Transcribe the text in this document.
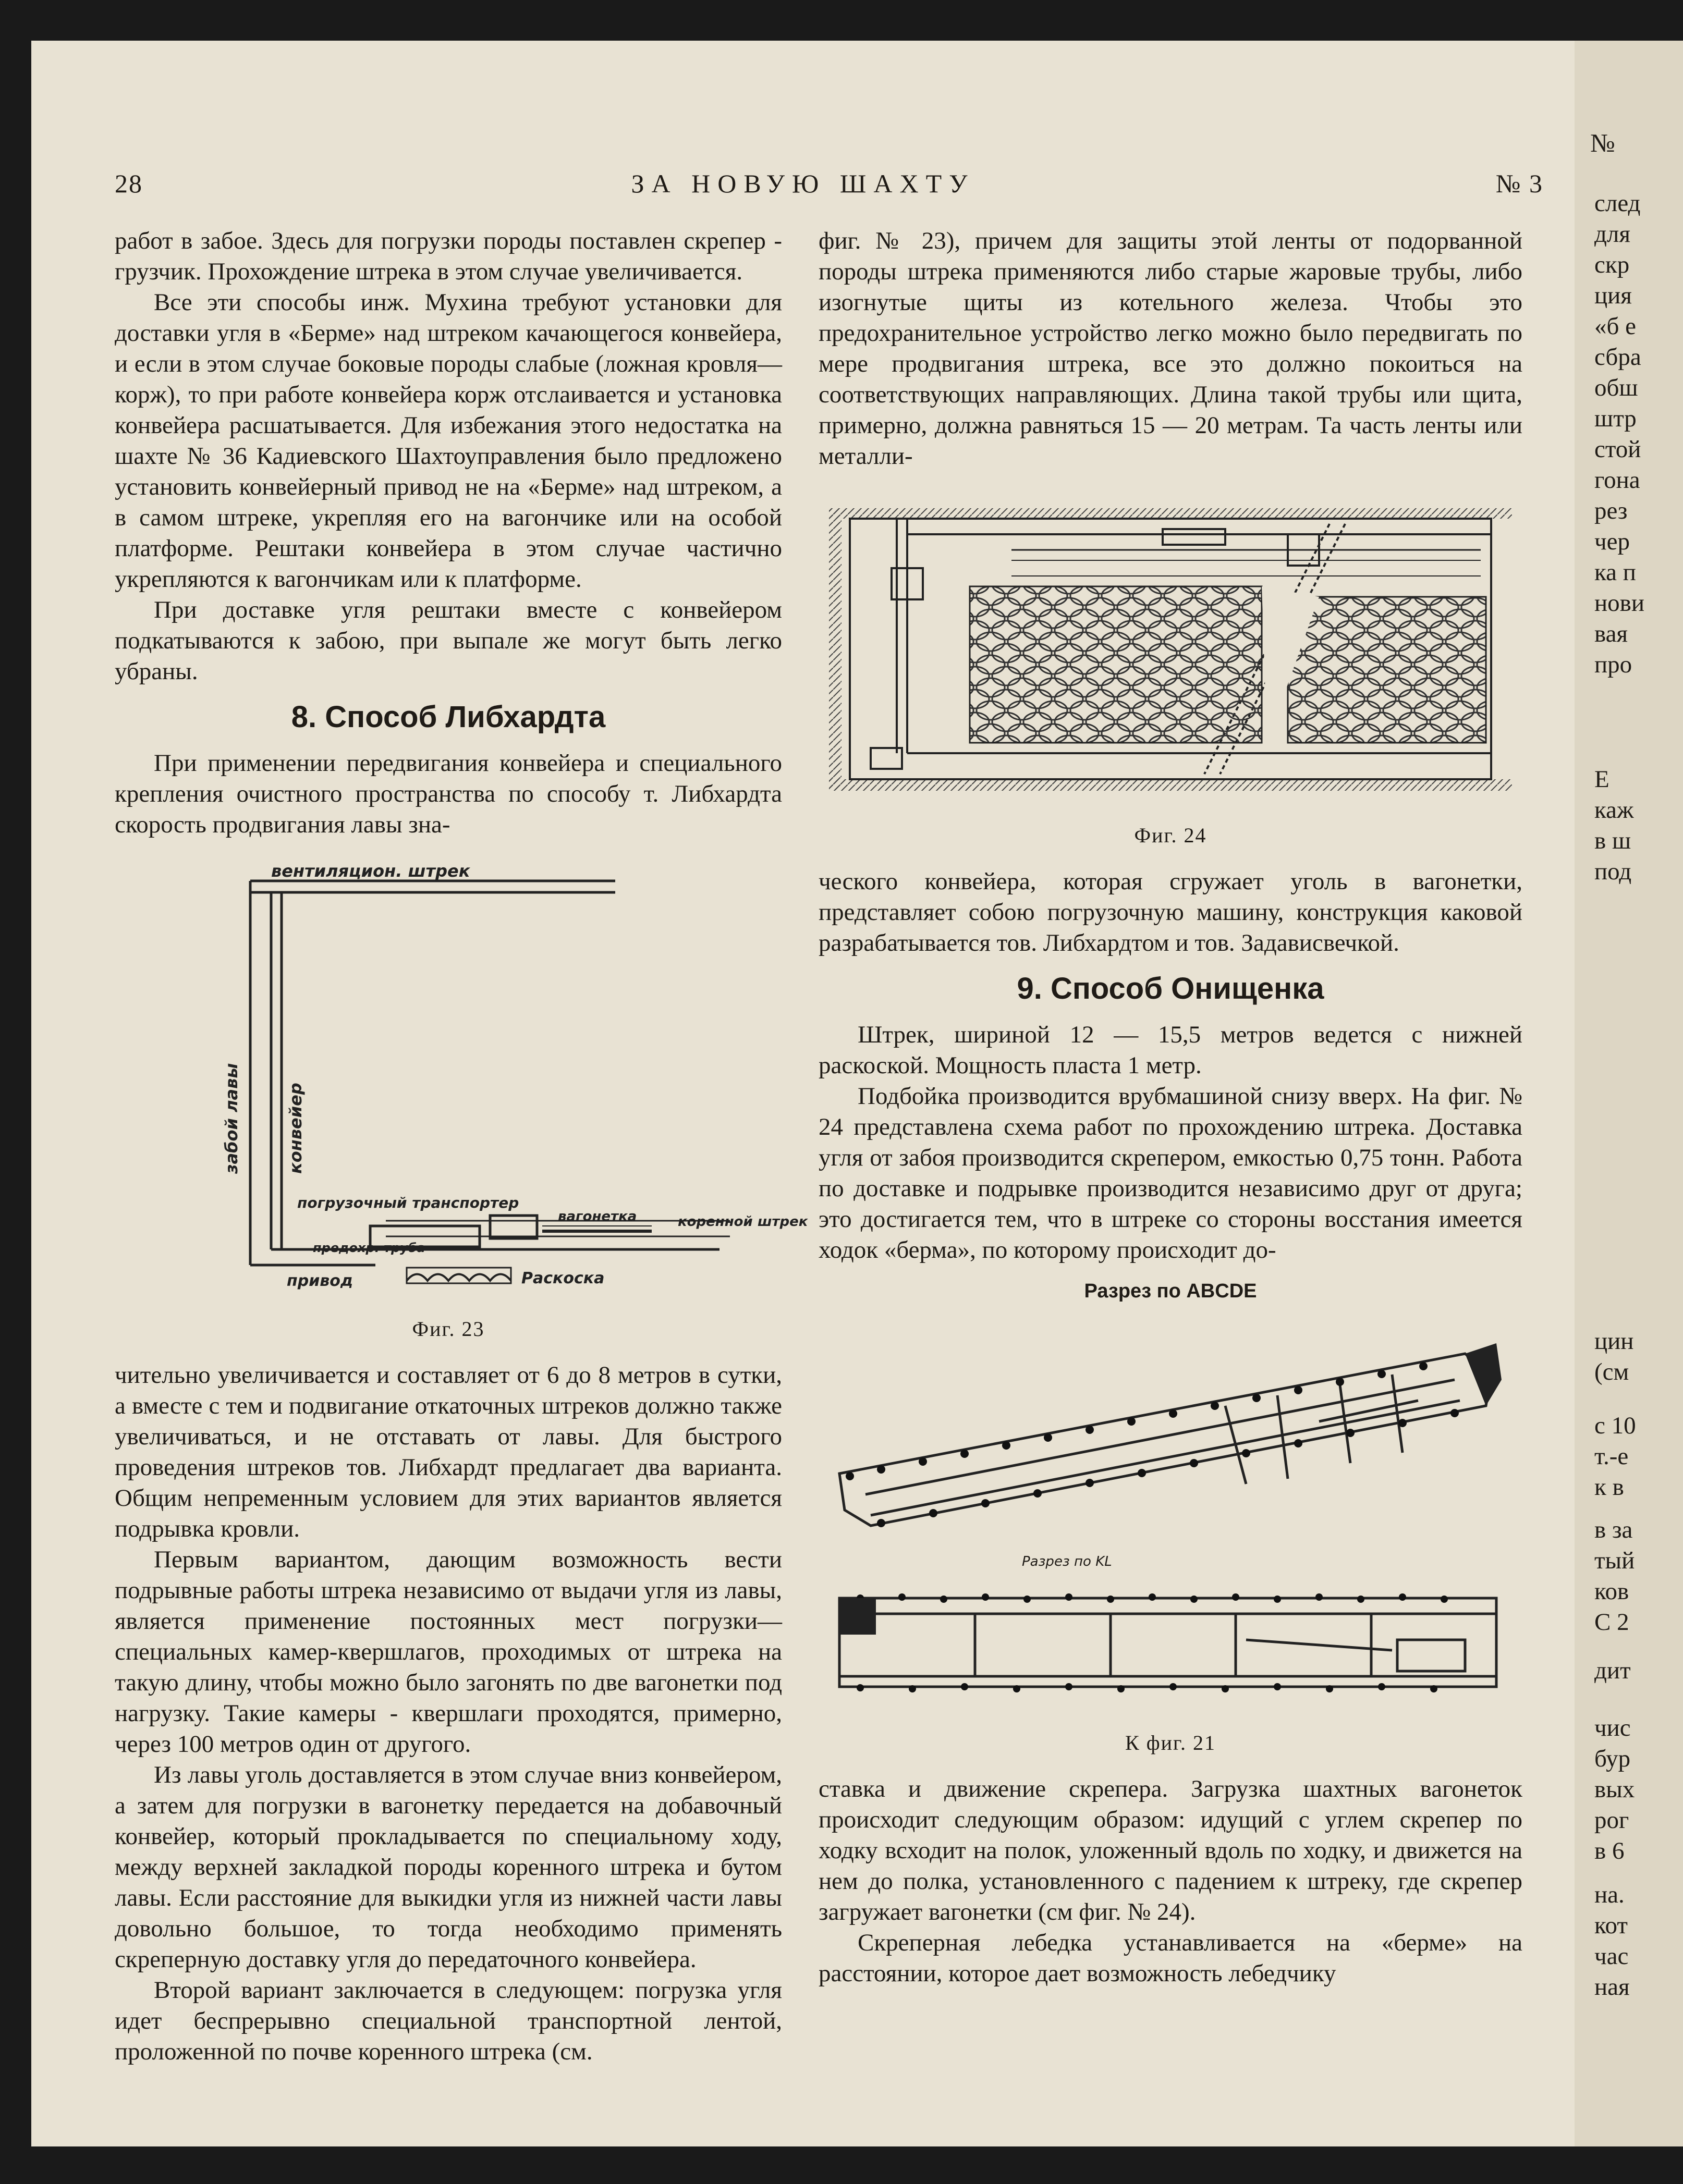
28	ЗА НОВУЮ ШАХТУ	№ 3

работ в забое. Здесь для погрузки породы поставлен скрепер - грузчик. Прохождение штрека в этом случае увеличивается.

Все эти способы инж. Мухина требуют установки для доставки угля в «Берме» над штреком качающегося конвейера, и если в этом случае боковые породы слабые (ложная кровля—корж), то при работе конвейера корж отслаивается и установка конвейера расшатывается. Для избежания этого недостатка на шахте № 36 Кадиевского Шахтоуправления было предложено установить конвейерный привод не на «Берме» над штреком, а в самом штреке, укрепляя его на вагончике или на особой платформе. Рештаки конвейера в этом случае частично укрепляются к вагончикам или к платформе.

При доставке угля рештаки вместе с конвейером подкатываются к забою, при выпале же могут быть легко убраны.

8. Способ Либхардта

При применении передвигания конвейера и специального крепления очистного пространства по способу т. Либхардта скорость продвигания лавы зна-

вентиляцион. штрек
забой лавы	конвейер
погрузочный транспортер
предохр. труба
вагонетка	коренной штрек
привод	Раскоска
Фиг. 23

чительно увеличивается и составляет от 6 до 8 метров в сутки, а вместе с тем и подвигание откаточных штреков должно также увеличиваться, и не отставать от лавы. Для быстрого проведения штреков тов. Либхардт предлагает два варианта. Общим непременным условием для этих вариантов является подрывка кровли.

Первым вариантом, дающим возможность вести подрывные работы штрека независимо от выдачи угля из лавы, является применение постоянных мест погрузки—специальных камер-квершлагов, проходимых от штрека на такую длину, чтобы можно было загонять по две вагонетки под нагрузку. Такие камеры - квершлаги проходятся, примерно, через 100 метров один от другого.

Из лавы уголь доставляется в этом случае вниз конвейером, а затем для погрузки в вагонетку передается на добавочный конвейер, который прокладывается по специальному ходу, между верхней закладкой породы коренного штрека и бутом лавы. Если расстояние для выкидки угля из нижней части лавы довольно большое, то тогда необходимо применять скреперную доставку угля до передаточного конвейера.

Второй вариант заключается в следующем: погрузка угля идет беспрерывно специальной транспортной лентой, проложенной по почве коренного штрека (см.

фиг. № 23), причем для защиты этой ленты от подорванной породы штрека применяются либо старые жаровые трубы, либо изогнутые щиты из котельного железа. Чтобы это предохранительное устройство легко можно было передвигать по мере продвигания штрека, все это должно покоиться на соответствующих направляющих. Длина такой трубы или щита, примерно, должна равняться 15 — 20 метрам. Та часть ленты или металли-

Фиг. 24

ческого конвейера, которая сгружает уголь в вагонетки, представляет собою погрузочную машину, конструкция каковой разрабатывается тов. Либхардтом и тов. Задависвечкой.

9. Способ Онищенка

Штрек, шириной 12 — 15,5 метров ведется с нижней раскоской. Мощность пласта 1 метр.

Подбойка производится врубмашиной снизу вверх. На фиг. № 24 представлена схема работ по прохождению штрека. Доставка угля от забоя производится скрепером, емкостью 0,75 тонн. Работа по доставке и подрывке производится независимо друг от друга; это достигается тем, что в штреке со стороны восстания имеется ходок «берма», по которому происходит до-

Разрез по ABCDE
Разрез по KL
К фиг. 21

ставка и движение скрепера. Загрузка шахтных вагонеток происходит следующим образом: идущий с углем скрепер по ходку всходит на полок, уложенный вдоль по ходку, и движется на нем до полка, установленного с падением к штреку, где скрепер загружает вагонетки (см фиг. № 24).

Скреперная лебедка устанавливается на «берме» на расстоянии, которое дает возможность лебедчику

№
след
для
скр
ция
«б е
сбра
обш
штр
стой
гона
рез
чер
ка п
нови
вая
про
Е
каж
в ш
под
с 10
т.-е
к в
в за
тый
ков
С 2
дит
чис
бур
вых
рог
в 6
на.
кот
час
ная
цин
(см
